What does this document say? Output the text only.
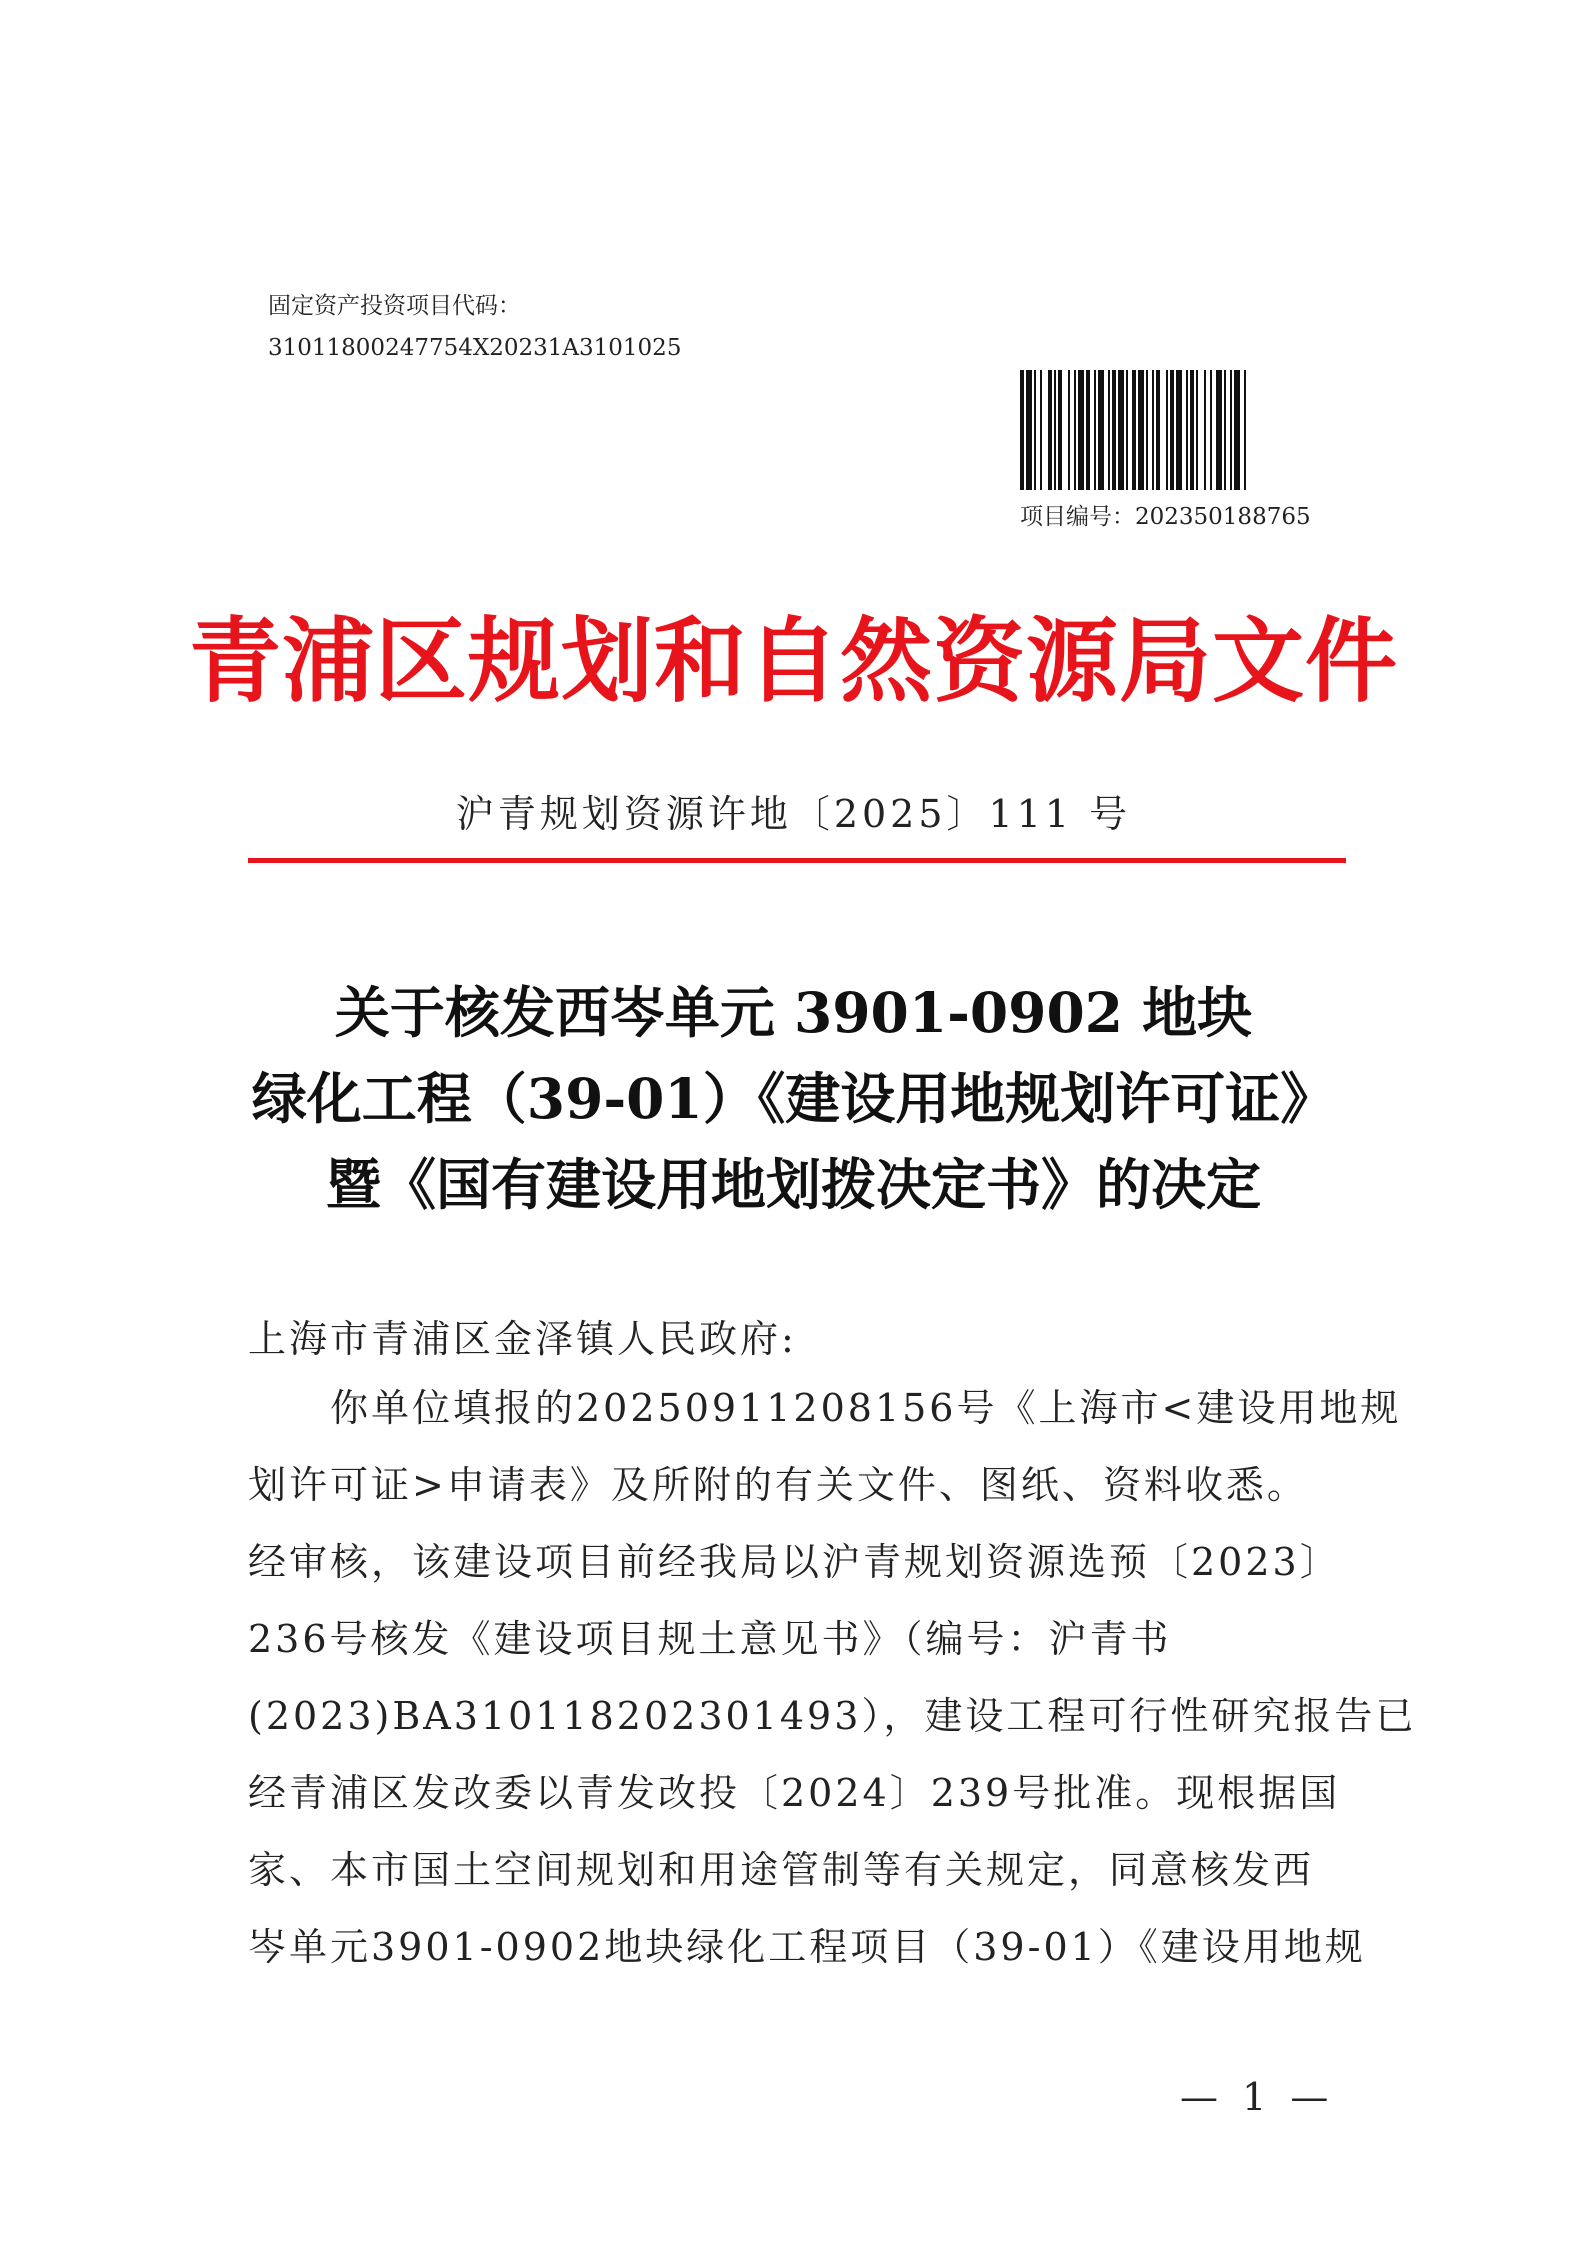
固定资产投资项目代码：
31011800247754X20231A3101025
项目编号：202350188765
青浦区规划和自然资源局文件
沪青规划资源许地〔2025〕111 号
关于核发西岑单元 3901-0902 地块
绿化工程（39-01）《建设用地规划许可证》
暨《国有建设用地划拨决定书》的决定
上海市青浦区金泽镇人民政府:
　　你单位填报的2025091120815​6号《上海市<建设用地规
划许可证>申请表》及所附的有关文件、图纸、资料收悉。
经审核，该建设项目前经我局以沪青规划资源选预〔2023〕
236号核发《建设项目规土意见书》（编号：沪青书
(2023)BA310118202301493），建设工程可行性研究报告已
经青浦区发改委以青发改投〔2024〕239号批准。现根据国
家、本市国土空间规划和用途管制等有关规定，同意核发西
岑单元3901-0902地块绿化工程项目（39-01）《建设用地规
— 1 —
